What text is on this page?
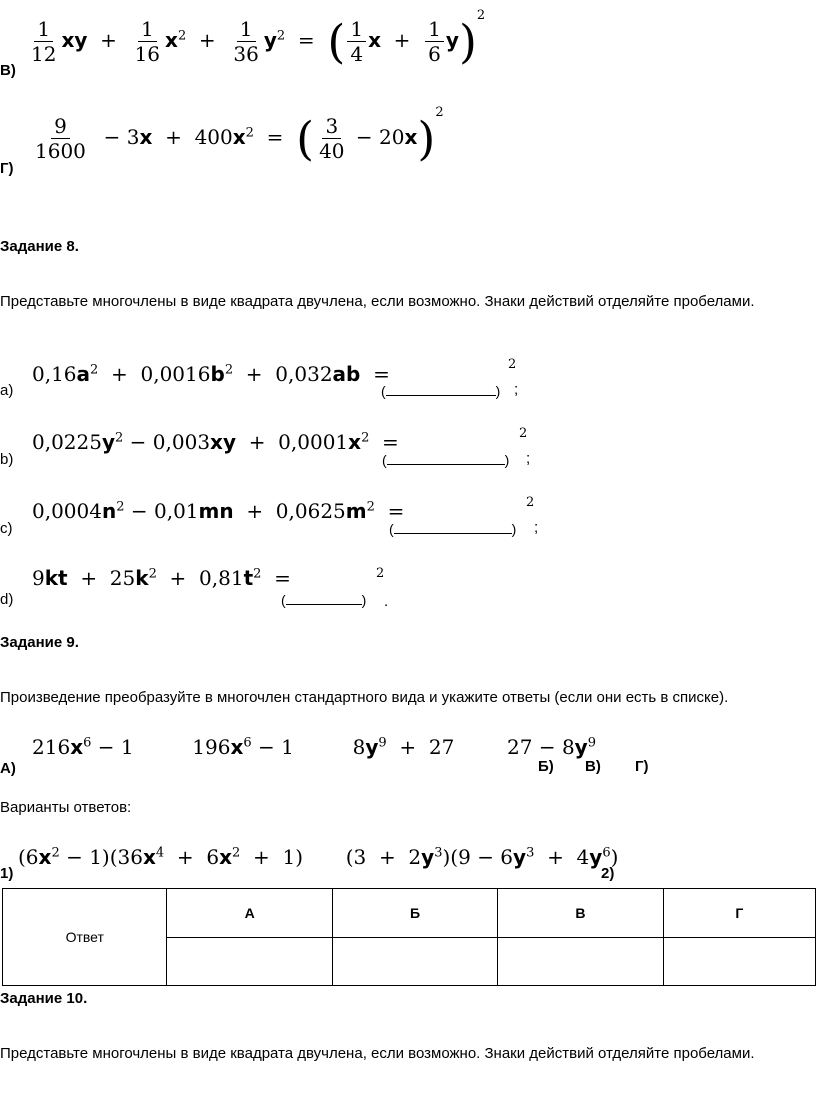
$\frac{1}{12}$ xy  + $\frac{1}{16} x^2 + \frac{1}{36} y^2$  =  ( $\frac{1}{4}$ $x + \frac{1}{6} y)^2$
В)
$\frac{9}{1600} - 3x + 400x^2$  =  ( $\frac{3}{40} - 20x)^2$
Г)
Задание 8.
Представьте многочлены в виде квадрата двучлена, если возможно. Знаки действий отделяйте пробелами.
$0,16a^2 + 0,0016b^2 + 0,032ab$  =
a)	(	)
2
;
$0,0225y^2 - 0,003xy + 0,0001x^2$  =
b)	(	)
2
;
$0,0004n^2 - 0,01mn + 0,0625m^2$  =
c)	(	)
2
;
$9kt + 25k^2 + 0,81t^2$  =
d)	(	)
2
.
Задание 9.
Произведение преобразуйте в многочлен стандартного вида и укажите ответы (если они есть в списке).
$216x^6 - 1$	$196x^6 - 1$	$8y^9 + 27$	$27 - 8y^9$
А)	Б) В) Г)
Варианты ответов:
$(6x^2 - 1)(36x^4 + 6x^2 + 1) (3 + 2y^3)(9 - 6y^3 + 4y^6)$
1)	2)
Ответ	А	Б	В	Г

Задание 10.
Представьте многочлены в виде квадрата двучлена, если возможно. Знаки действий отделяйте пробелами.
